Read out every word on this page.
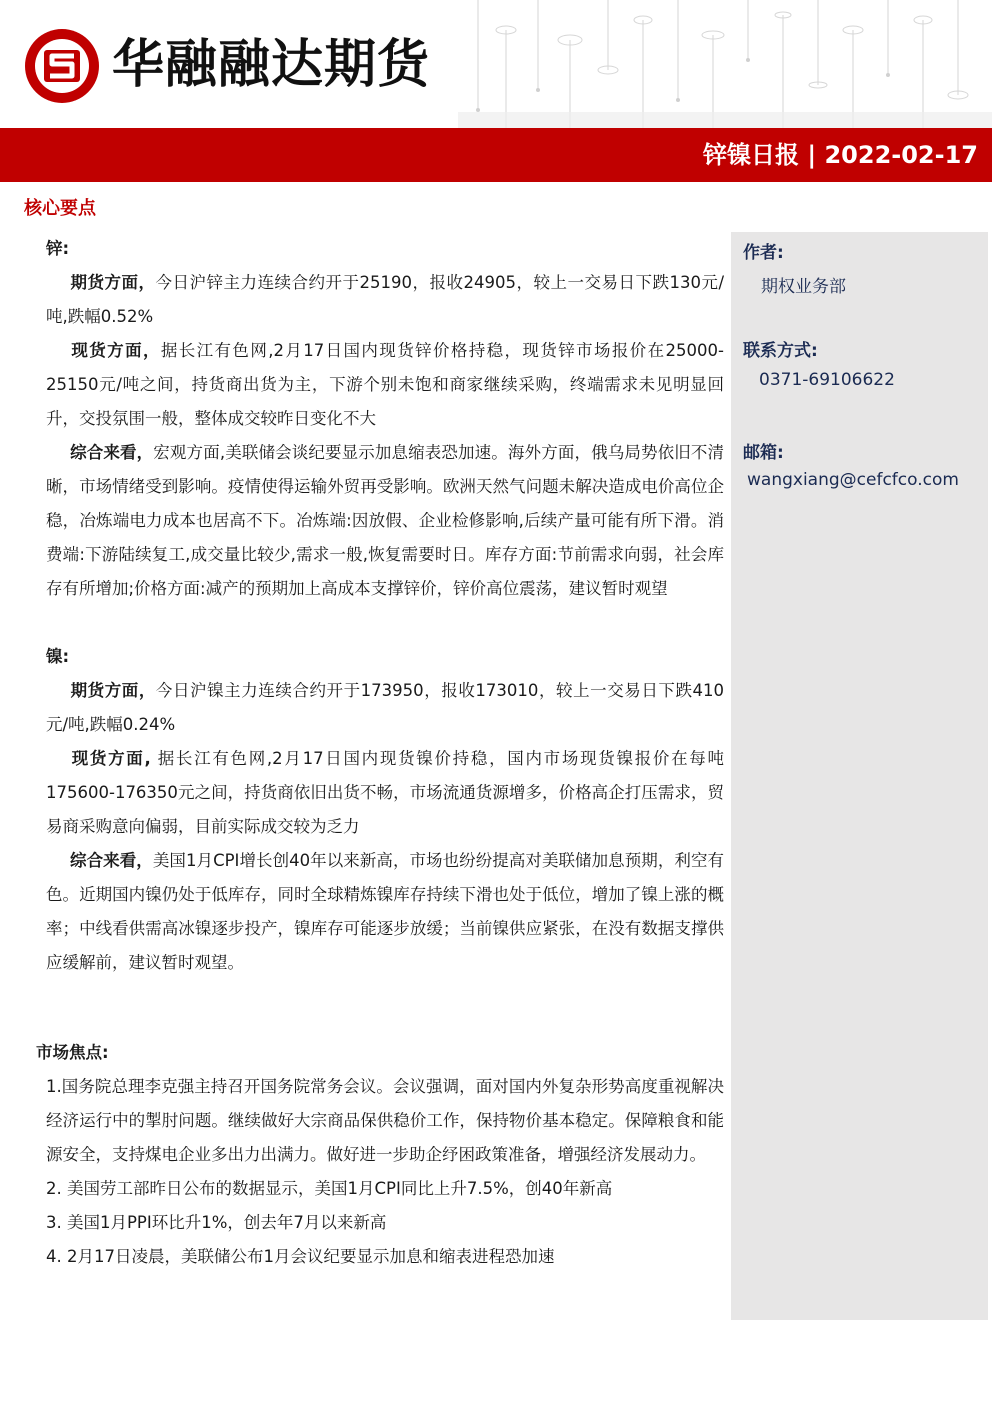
华融融达期货
锌镍日报 | 2022-02-17
核心要点

锌:

期货方面，今日沪锌主力连续合约开于25190，报收24905，较上一交易日下跌130元/吨,跌幅0.52%

现货方面，据长江有色网,2月17日国内现货锌价格持稳，现货锌市场报价在25000-25150元/吨之间，持货商出货为主，下游个别未饱和商家继续采购，终端需求未见明显回升，交投氛围一般，整体成交较昨日变化不大

综合来看，宏观方面,美联储会谈纪要显示加息缩表恐加速。海外方面，俄乌局势依旧不清晰，市场情绪受到影响。疫情使得运输外贸再受影响。欧洲天然气问题未解决造成电价高位企稳，冶炼端电力成本也居高不下。冶炼端:因放假、企业检修影响,后续产量可能有所下滑。消费端:下游陆续复工,成交量比较少,需求一般,恢复需要时日。库存方面:节前需求向弱，社会库存有所增加;价格方面:减产的预期加上高成本支撑锌价，锌价高位震荡，建议暂时观望

镍:

期货方面，今日沪镍主力连续合约开于173950，报收173010，较上一交易日下跌410元/吨,跌幅0.24%

现货方面, 据长江有色网,2月17日国内现货镍价持稳，国内市场现货镍报价在每吨175600-176350元之间，持货商依旧出货不畅，市场流通货源增多，价格高企打压需求，贸易商采购意向偏弱，目前实际成交较为乏力

综合来看，美国1月CPI增长创40年以来新高，市场也纷纷提高对美联储加息预期，利空有色。近期国内镍仍处于低库存，同时全球精炼镍库存持续下滑也处于低位，增加了镍上涨的概率；中线看供需高冰镍逐步投产，镍库存可能逐步放缓；当前镍供应紧张，在没有数据支撑供应缓解前，建议暂时观望。

市场焦点:

1.国务院总理李克强主持召开国务院常务会议。会议强调，面对国内外复杂形势高度重视解决经济运行中的掣肘问题。继续做好大宗商品保供稳价工作，保持物价基本稳定。保障粮食和能源安全，支持煤电企业多出力出满力。做好进一步助企纾困政策准备，增强经济发展动力。

2. 美国劳工部昨日公布的数据显示，美国1月CPI同比上升7.5%，创40年新高

3. 美国1月PPI环比升1%，创去年7月以来新高

4. 2月17日凌晨，美联储公布1月会议纪要显示加息和缩表进程恐加速

作者:
期权业务部
联系方式:
0371-69106622
邮箱:
wangxiang@cefcfco.com
